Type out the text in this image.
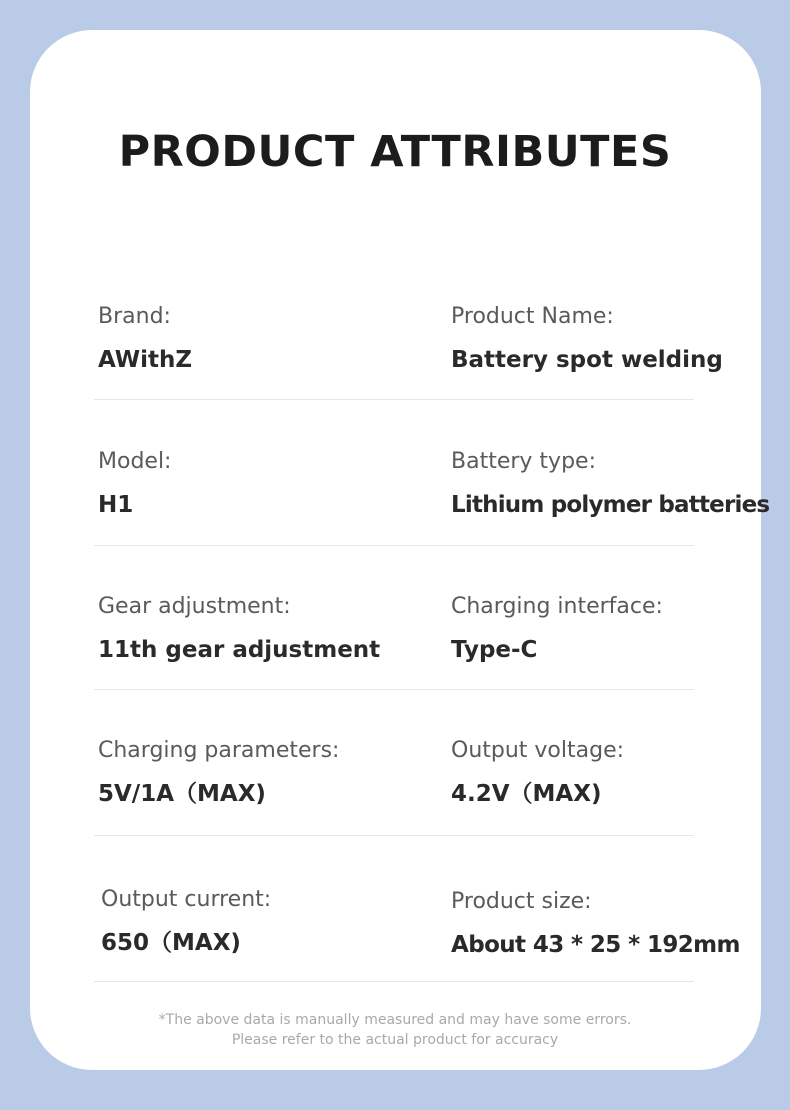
PRODUCT ATTRIBUTES
Brand:
AWithZ
Product Name:
Battery spot welding
Model:
H1
Battery type:
Lithium polymer batteries
Gear adjustment:
11th gear adjustment
Charging interface:
Type-C
Charging parameters:
5V/1A（MAX)
Output voltage:
4.2V（MAX)
Output current:
650（MAX)
Product size:
About 43 * 25 * 192mm
*The above data is manually measured and may have some errors.
Please refer to the actual product for accuracy
